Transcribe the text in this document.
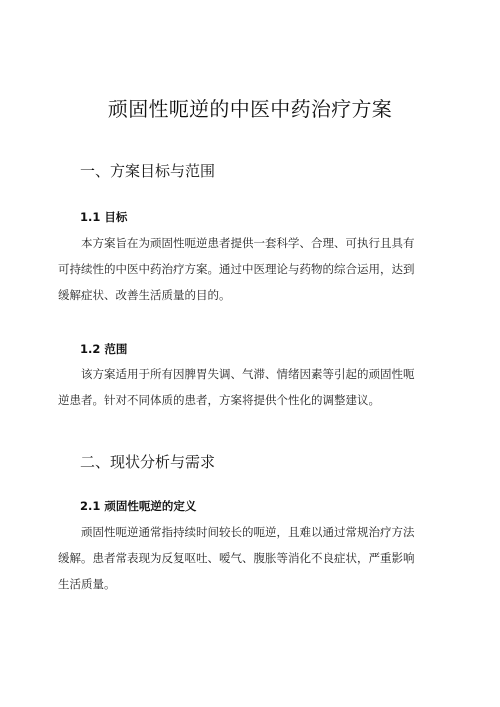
顽固性呃逆的中医中药治疗方案
一、方案目标与范围
1.1 目标
本方案旨在为顽固性呃逆患者提供一套科学、合理、可执行且具有
可持续性的中医中药治疗方案。通过中医理论与药物的综合运用，达到
缓解症状、改善生活质量的目的。
1.2 范围
该方案适用于所有因脾胃失调、气滞、情绪因素等引起的顽固性呃
逆患者。针对不同体质的患者，方案将提供个性化的调整建议。
二、现状分析与需求
2.1 顽固性呃逆的定义
顽固性呃逆通常指持续时间较长的呃逆，且难以通过常规治疗方法
缓解。患者常表现为反复呕吐、嗳气、腹胀等消化不良症状，严重影响
生活质量。
